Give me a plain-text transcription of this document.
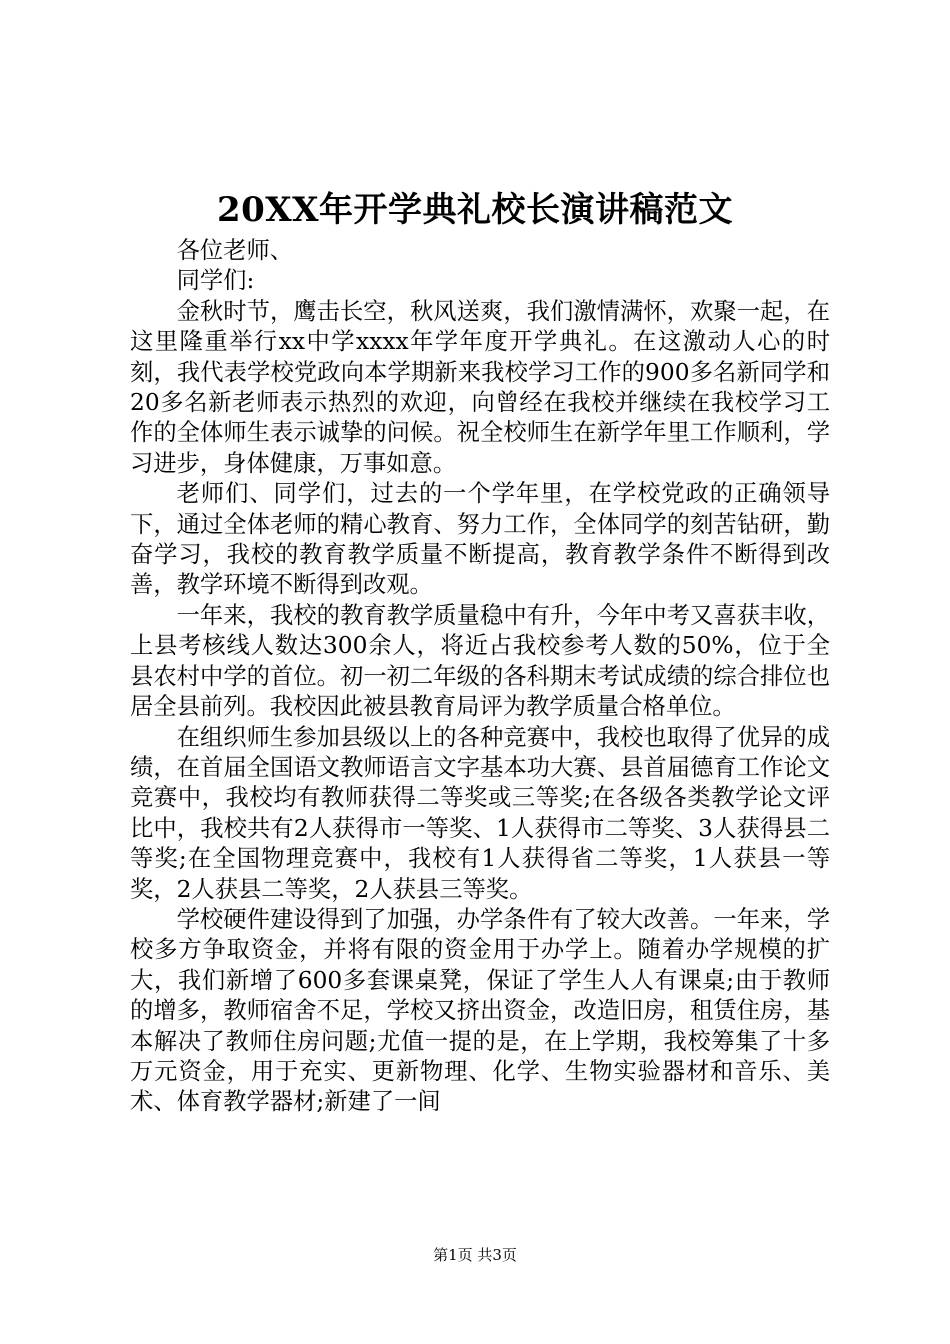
20XX年开学典礼校长演讲稿范文

各位老师、

同学们:

金秋时节，鹰击长空，秋风送爽，我们激情满怀，欢聚一起，在这里隆重举行xx中学xxxx年学年度开学典礼。在这激动人心的时刻，我代表学校党政向本学期新来我校学习工作的900多名新同学和20多名新老师表示热烈的欢迎，向曾经在我校并继续在我校学习工作的全体师生表示诚挚的问候。祝全校师生在新学年里工作顺利，学习进步，身体健康，万事如意。

老师们、同学们，过去的一个学年里，在学校党政的正确领导下，通过全体老师的精心教育、努力工作，全体同学的刻苦钻研，勤奋学习，我校的教育教学质量不断提高，教育教学条件不断得到改善，教学环境不断得到改观。

一年来，我校的教育教学质量稳中有升，今年中考又喜获丰收，上县考核线人数达300余人，将近占我校参考人数的50%，位于全县农村中学的首位。初一初二年级的各科期末考试成绩的综合排位也居全县前列。我校因此被县教育局评为教学质量合格单位。

在组织师生参加县级以上的各种竞赛中，我校也取得了优异的成绩，在首届全国语文教师语言文字基本功大赛、县首届德育工作论文竞赛中，我校均有教师获得二等奖或三等奖;在各级各类教学论文评比中，我校共有2人获得市一等奖、1人获得市二等奖、3人获得县二等奖;在全国物理竞赛中，我校有1人获得省二等奖，1人获县一等奖，2人获县二等奖，2人获县三等奖。

学校硬件建设得到了加强，办学条件有了较大改善。一年来，学校多方争取资金，并将有限的资金用于办学上。随着办学规模的扩大，我们新增了600多套课桌凳，保证了学生人人有课桌;由于教师的增多，教师宿舍不足，学校又挤出资金，改造旧房，租赁住房，基本解决了教师住房问题;尤值一提的是，在上学期，我校筹集了十多万元资金，用于充实、更新物理、化学、生物实验器材和音乐、美术、体育教学器材;新建了一间

第1页 共3页
